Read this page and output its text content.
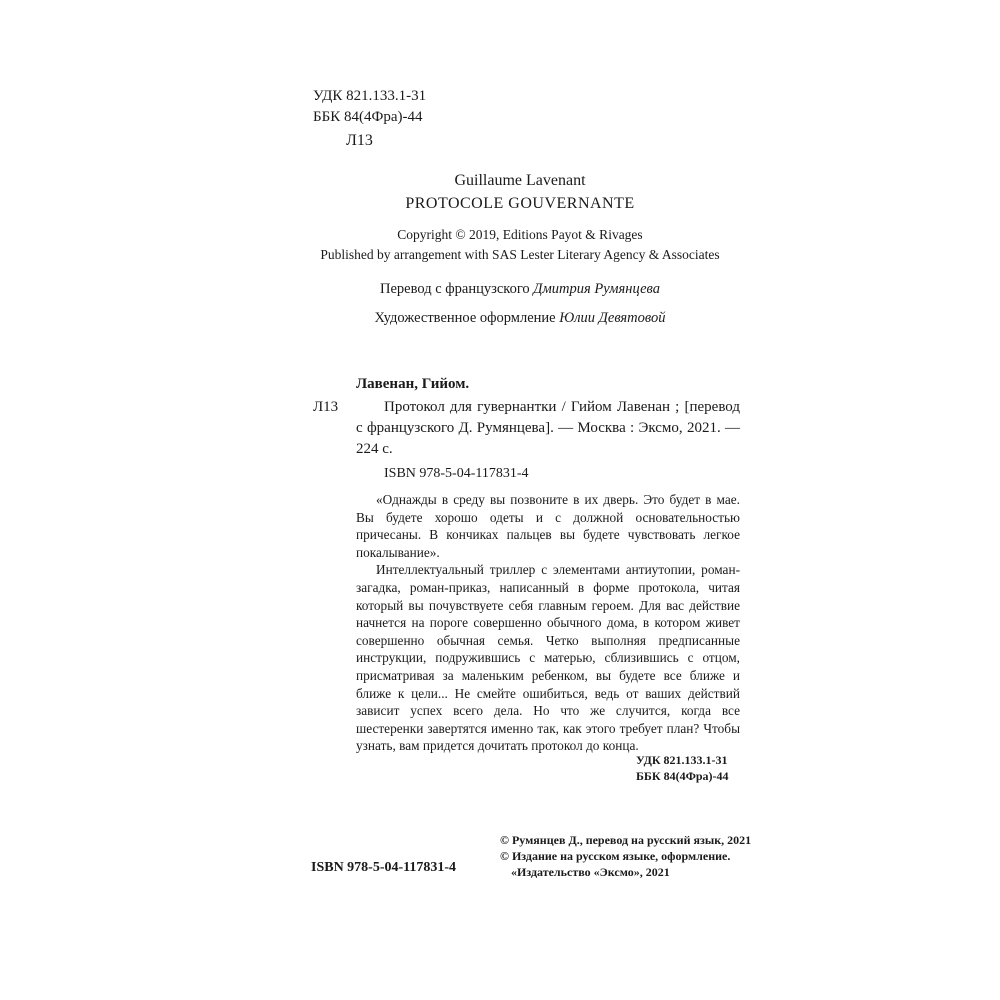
УДК 821.133.1-31
ББК 84(4Фра)-44
Л13
Guillaume Lavenant
PROTOCOLE GOUVERNANTE
Copyright © 2019, Editions Payot & Rivages
Published by arrangement with SAS Lester Literary Agency & Associates
Перевод с французского Дмитрия Румянцева
Художественное оформление Юлии Девятовой
Лавенан, Гийом.
Л13	Протокол для гувернантки / Гийом Лавенан ; [перевод с французского Д. Румянцева]. — Москва : Эксмо, 2021. — 224 с.
ISBN 978-5-04-117831-4

«Однажды в среду вы позвоните в их дверь. Это будет в мае. Вы будете хорошо одеты и с должной основательностью причесаны. В кончиках пальцев вы будете чувствовать легкое покалывание».

Интеллектуальный триллер с элементами антиутопии, роман-загадка, роман-приказ, написанный в форме протокола, читая который вы почувствуете себя главным героем. Для вас действие начнется на пороге совершенно обычного дома, в котором живет совершенно обычная семья. Четко выполняя предписанные инструкции, подружившись с матерью, сблизившись с отцом, присматривая за маленьким ребенком, вы будете все ближе и ближе к цели... Не смейте ошибиться, ведь от ваших действий зависит успех всего дела. Но что же случится, когда все шестеренки завертятся именно так, как этого требует план? Чтобы узнать, вам придется дочитать протокол до конца.

УДК 821.133.1-31
ББК 84(4Фра)-44
ISBN 978-5-04-117831-4
© Румянцев Д., перевод на русский язык, 2021
© Издание на русском языке, оформление.
«Издательство «Эксмо», 2021
